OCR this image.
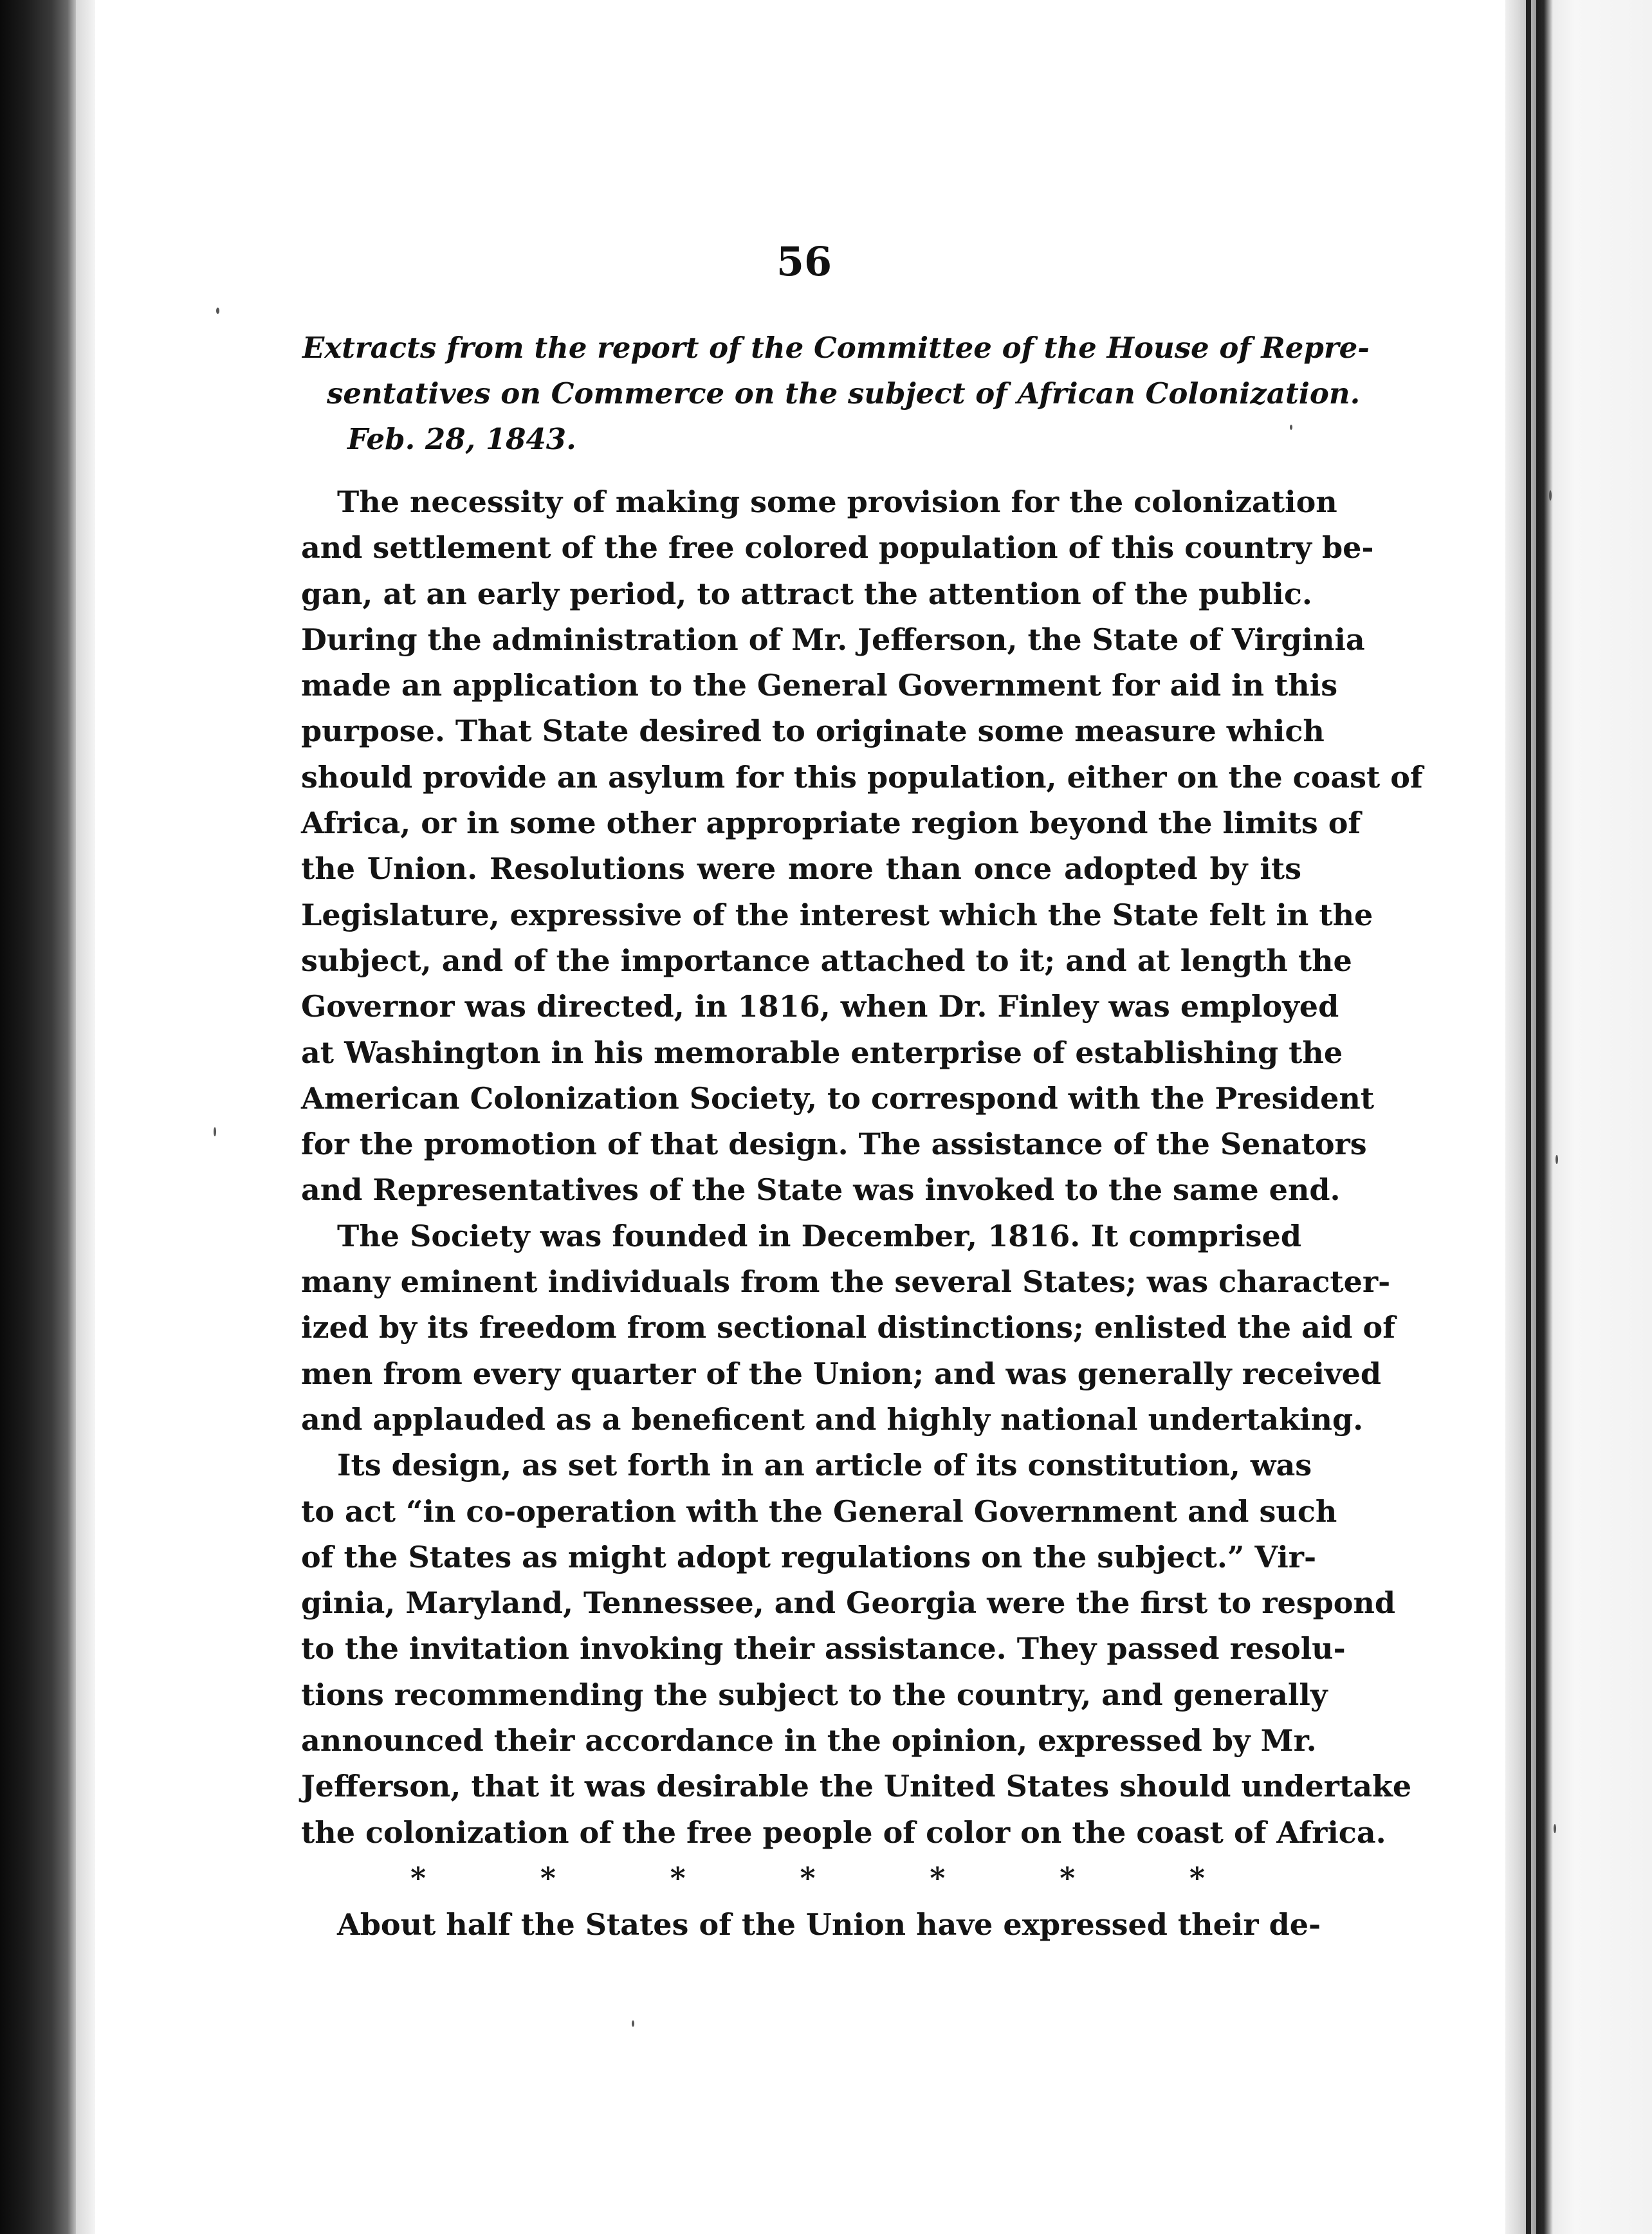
56
Extracts from the report of the Committee of the House of Repre-
sentatives on Commerce on the subject of African Colonization.
Feb. 28, 1843.
The necessity of making some provision for the colonization
and settlement of the free colored population of this country be-
gan, at an early period, to attract the attention of the public.
During the administration of Mr. Jefferson, the State of Virginia
made an application to the General Government for aid in this
purpose. That State desired to originate some measure which
should provide an asylum for this population, either on the coast of
Africa, or in some other appropriate region beyond the limits of
the Union. Resolutions were more than once adopted by its
Legislature, expressive of the interest which the State felt in the
subject, and of the importance attached to it; and at length the
Governor was directed, in 1816, when Dr. Finley was employed
at Washington in his memorable enterprise of establishing the
American Colonization Society, to correspond with the President
for the promotion of that design. The assistance of the Senators
and Representatives of the State was invoked to the same end.
The Society was founded in December, 1816. It comprised
many eminent individuals from the several States; was character-
ized by its freedom from sectional distinctions; enlisted the aid of
men from every quarter of the Union; and was generally received
and applauded as a beneficent and highly national undertaking.
Its design, as set forth in an article of its constitution, was
to act “in co-operation with the General Government and such
of the States as might adopt regulations on the subject.” Vir-
ginia, Maryland, Tennessee, and Georgia were the first to respond
to the invitation invoking their assistance. They passed resolu-
tions recommending the subject to the country, and generally
announced their accordance in the opinion, expressed by Mr.
Jefferson, that it was desirable the United States should undertake
the colonization of the free people of color on the coast of Africa.
*	*	*	*	*	*	*
About half the States of the Union have expressed their de-
